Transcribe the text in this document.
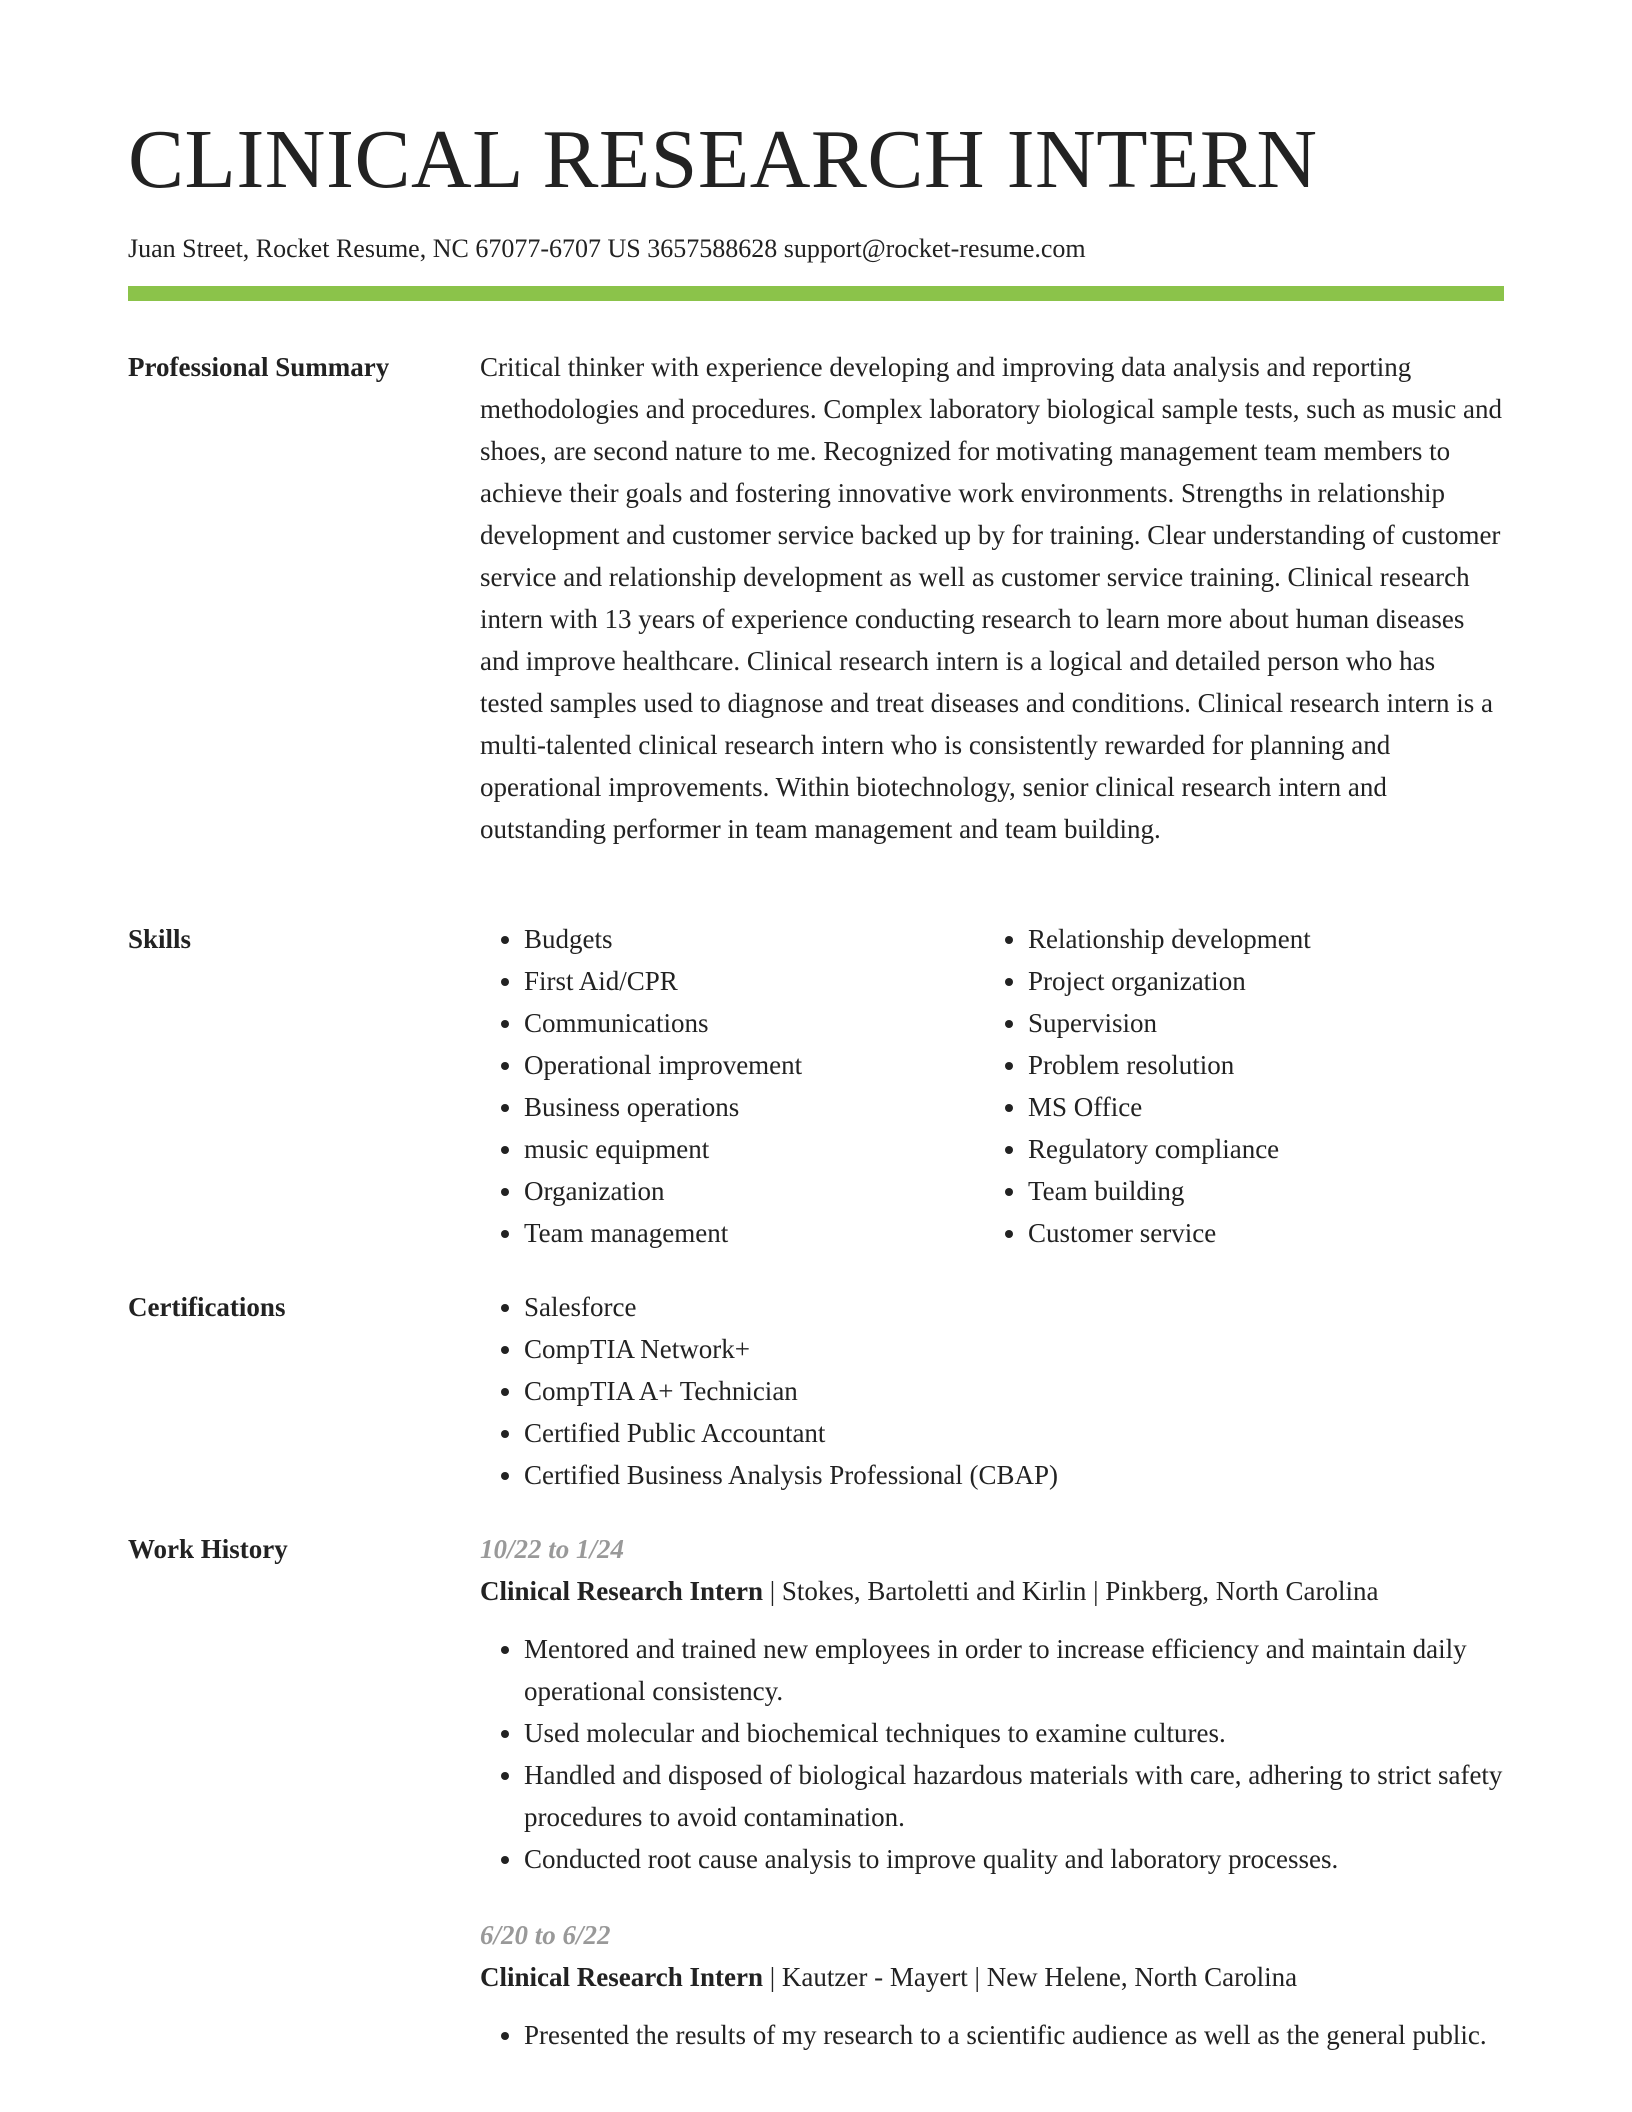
CLINICAL RESEARCH INTERN
Juan Street, Rocket Resume, NC 67077-6707 US 3657588628 support@rocket-resume.com
Professional Summary	Critical thinker with experience developing and improving data analysis and reporting methodologies and procedures. Complex laboratory biological sample tests, such as music and shoes, are second nature to me. Recognized for motivating management team members to achieve their goals and fostering innovative work environments. Strengths in relationship development and customer service backed up by for training. Clear understanding of customer service and relationship development as well as customer service training. Clinical research intern with 13 years of experience conducting research to learn more about human diseases and improve healthcare. Clinical research intern is a logical and detailed person who has tested samples used to diagnose and treat diseases and conditions. Clinical research intern is a multi-talented clinical research intern who is consistently rewarded for planning and operational improvements. Within biotechnology, senior clinical research intern and outstanding performer in team management and team building.

Skills	• Budgets
• First Aid/CPR
• Communications
• Operational improvement
• Business operations
• music equipment
• Organization
• Team management
• Relationship development
• Project organization
• Supervision
• Problem resolution
• MS Office
• Regulatory compliance
• Team building
• Customer service
Certifications	• Salesforce
• CompTIA Network+
• CompTIA A+ Technician
• Certified Public Accountant
• Certified Business Analysis Professional (CBAP)
Work History	10/22 to 1/24
Clinical Research Intern | Stokes, Bartoletti and Kirlin | Pinkberg, North Carolina
• Mentored and trained new employees in order to increase efficiency and maintain daily operational consistency.
• Used molecular and biochemical techniques to examine cultures.
• Handled and disposed of biological hazardous materials with care, adhering to strict safety procedures to avoid contamination.
• Conducted root cause analysis to improve quality and laboratory processes.
6/20 to 6/22
Clinical Research Intern | Kautzer - Mayert | New Helene, North Carolina
• Presented the results of my research to a scientific audience as well as the general public.
